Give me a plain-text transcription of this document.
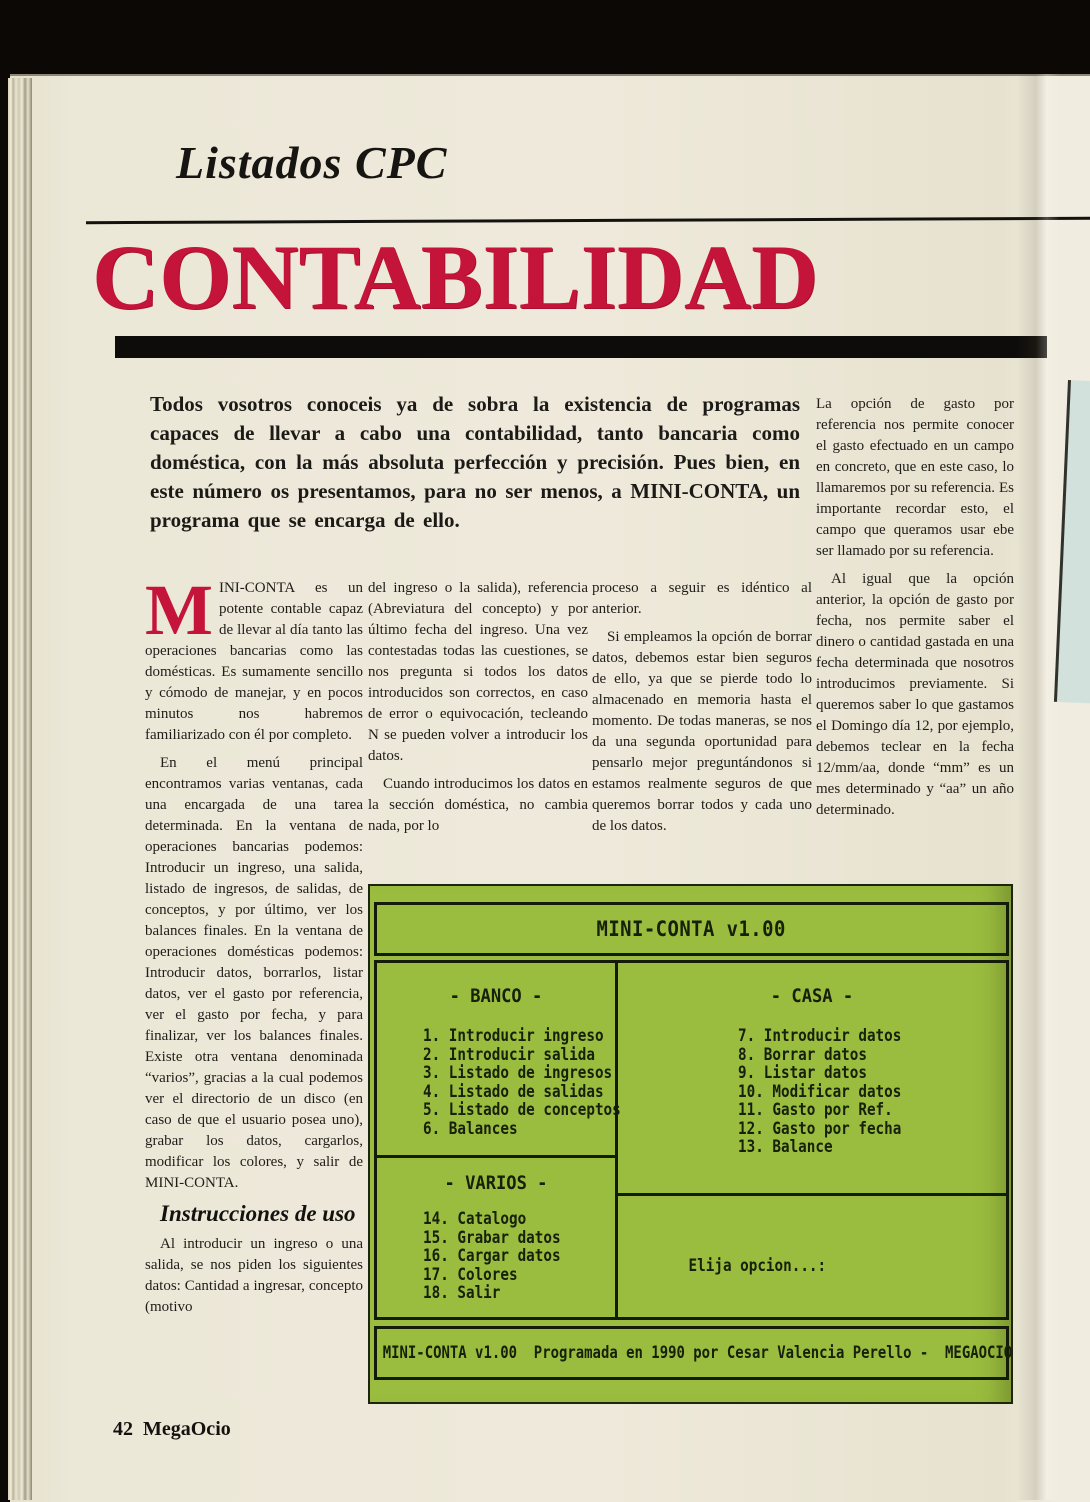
Listados CPC
CONTABILIDAD
Todos vosotros conoceis ya de sobra la existencia de programas capaces de llevar a cabo una contabilidad, tanto bancaria como doméstica, con la más absoluta perfección y precisión. Pues bien, en este número os presentamos, para no ser menos, a MINI-CONTA, un programa que se encarga de ello.

MINI-CONTA es un potente contable capaz de llevar al día tanto las operaciones bancarias como las domésticas. Es sumamente sencillo y cómodo de manejar, y en pocos minutos nos habremos familiarizado con él por completo.

En el menú principal encontramos varias ventanas, cada una encargada de una tarea determinada. En la ventana de operaciones bancarias podemos: Introducir un ingreso, una salida, listado de ingresos, de salidas, de conceptos, y por último, ver los balances finales. En la ventana de operaciones domésticas podemos: Introducir datos, borrarlos, listar datos, ver el gasto por referencia, ver el gasto por fecha, y para finalizar, ver los balances finales. Existe otra ventana denominada “varios”, gracias a la cual podemos ver el directorio de un disco (en caso de que el usuario posea uno), grabar los datos, cargarlos, modificar los colores, y salir de MINI-CONTA.

Instrucciones de uso

Al introducir un ingreso o una salida, se nos piden los siguientes datos: Cantidad a ingresar, concepto (motivo

del ingreso o la salida), referencia (Abreviatura del concepto) y por último fecha del ingreso. Una vez contestadas todas las cuestiones, se nos pregunta si todos los datos introducidos son correctos, en caso de error o equivocación, tecleando N se pueden volver a introducir los datos.

Cuando introducimos los datos en la sección doméstica, no cambia nada, por lo

proceso a seguir es idéntico al anterior.

Si empleamos la opción de borrar datos, debemos estar bien seguros de ello, ya que se pierde todo lo almacenado en memoria hasta el momento. De todas maneras, se nos da una segunda oportunidad para pensarlo mejor preguntándonos si estamos realmente seguros de que queremos borrar todos y cada uno de los datos.

La opción de gasto por referencia nos permite conocer el gasto efectuado en un campo en concreto, que en este caso, lo llamaremos por su referencia. Es importante recordar esto, el campo que queramos usar ebe ser llamado por su referencia.

Al igual que la opción anterior, la opción de gasto por fecha, nos permite saber el dinero o cantidad gastada en una fecha determinada que nosotros introducimos previamente. Si queremos saber lo que gastamos el Domingo día 12, por ejemplo, debemos teclear en la fecha 12/mm/aa, donde “mm” es un mes determinado y “aa” un año determinado.

MINI-CONTA v1.00
- BANCO -
1. Introducir ingreso
2. Introducir salida
3. Listado de ingresos
4. Listado de salidas
5. Listado de conceptos
6. Balances
- CASA -
7. Introducir datos
8. Borrar datos
9. Listar datos
10. Modificar datos
11. Gasto por Ref.
12. Gasto por fecha
13. Balance
- VARIOS -
14. Catalogo
15. Grabar datos
16. Cargar datos
17. Colores
18. Salir
Elija opcion...:
MINI-CONTA v1.00  Programada en 1990 por Cesar Valencia Perello -  MEGAOCIO
42 MegaOcio
